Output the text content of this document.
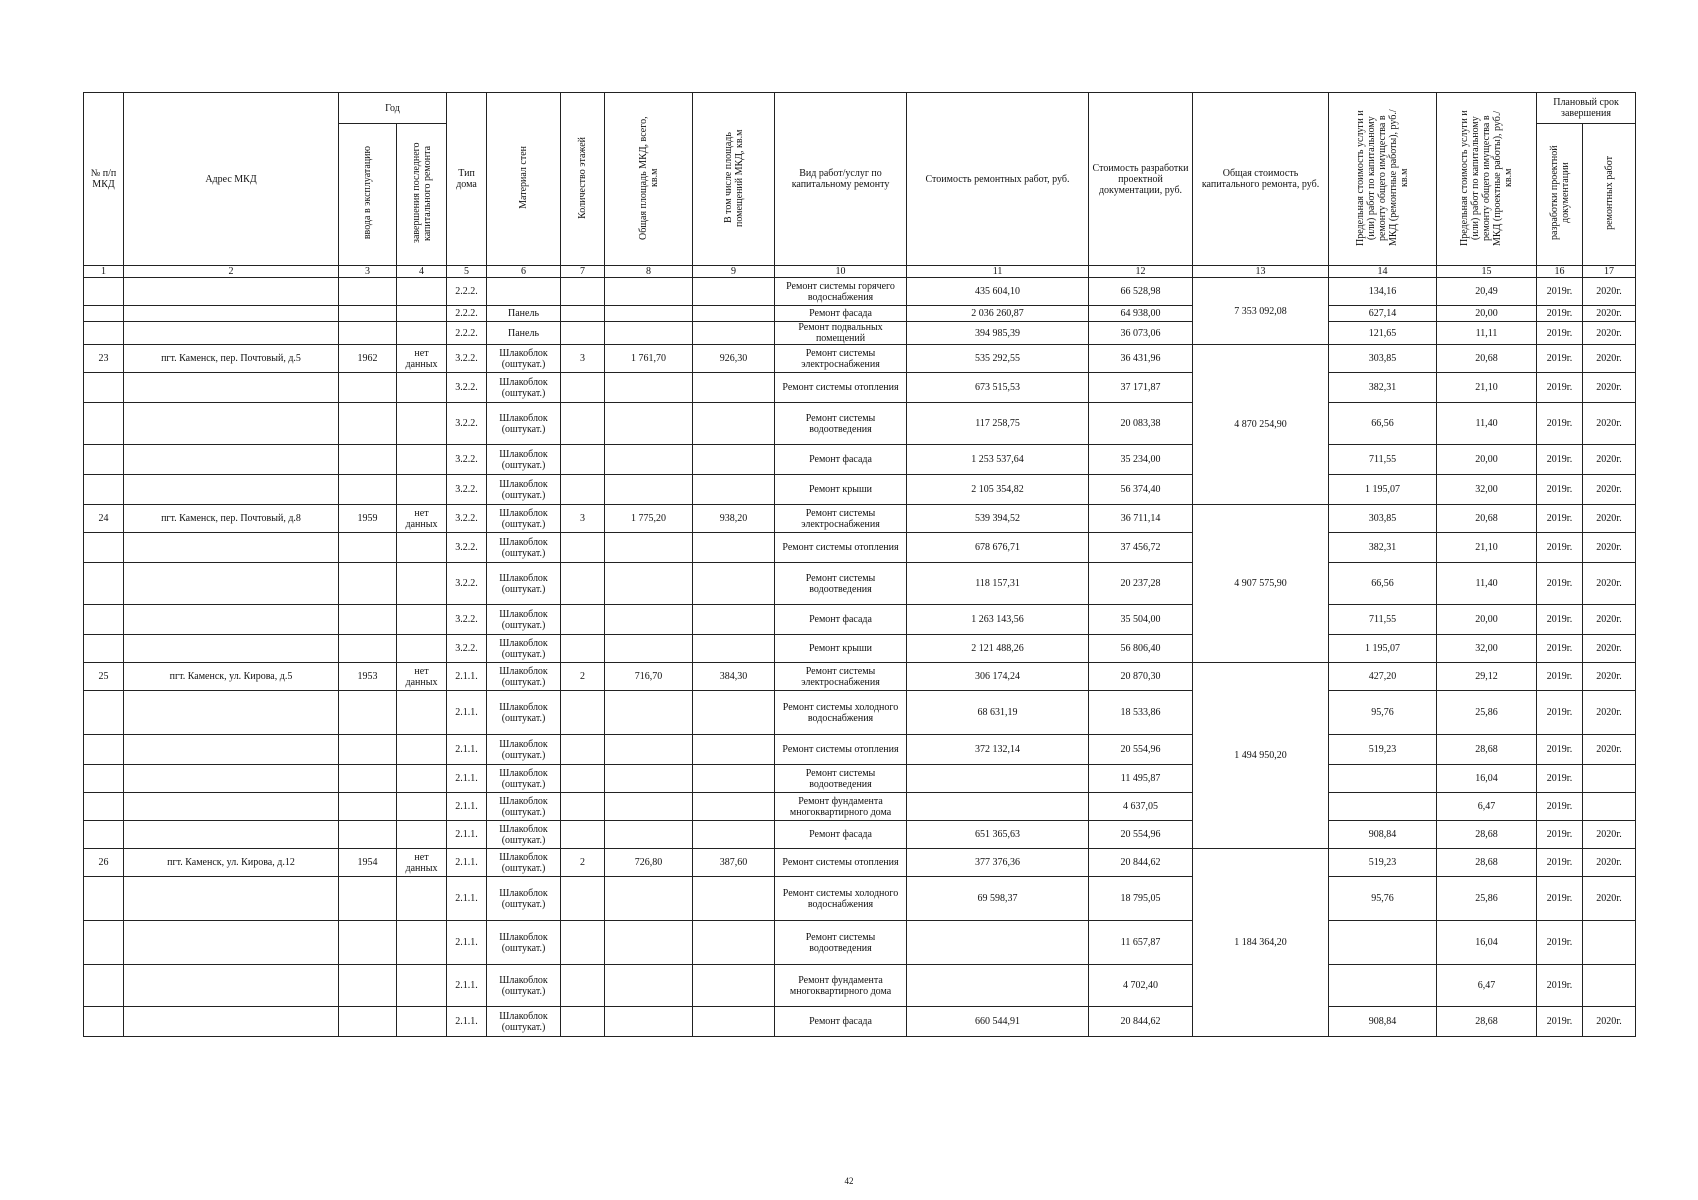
№ п/п МКД	Адрес МКД	Год		Тип дома	Материал стен	Количество этажей	Общая площадь МКД, всего, кв.м	В том числе площадь помещений МКД, кв.м	Вид работ/услуг по капитальному ремонту	Стоимость ремонтных работ, руб.	Стоимость разработки проектной документации, руб.	Общая стоимость капитального ремонта, руб.	Предельная стоимость услуги и (или) работ по капитальному ремонту общего имущества в МКД (ремонтные работы), руб./кв.м	Предельная стоимость услуги и (или) работ по капитальному ремонту общего имущества в МКД (проектные работы), руб./кв.м	Плановый срок завершения	
		ввода в эксплуатацию	завершения последнего капитального ремонта												разработки проектной документации	ремонтных работ
1	2	3	4	5	6	7	8	9	10	11	12	13	14	15	16	17
				2.2.2.					Ремонт системы горячего водоснабжения	435 604,10	66 528,98	7 353 092,08	134,16	20,49	2019г.	2020г.
				2.2.2.	Панель				Ремонт фасада	2 036 260,87	64 938,00		627,14	20,00	2019г.	2020г.
				2.2.2.	Панель				Ремонт подвальных помещений	394 985,39	36 073,06		121,65	11,11	2019г.	2020г.
23	пгт. Каменск, пер. Почтовый, д.5	1962	нет данных	3.2.2.	Шлакоблок (оштукат.)	3	1 761,70	926,30	Ремонт системы электроснабжения	535 292,55	36 431,96	4 870 254,90	303,85	20,68	2019г.	2020г.
				3.2.2.	Шлакоблок (оштукат.)				Ремонт системы отопления	673 515,53	37 171,87		382,31	21,10	2019г.	2020г.
				3.2.2.	Шлакоблок (оштукат.)				Ремонт системы водоотведения	117 258,75	20 083,38		66,56	11,40	2019г.	2020г.
				3.2.2.	Шлакоблок (оштукат.)				Ремонт фасада	1 253 537,64	35 234,00		711,55	20,00	2019г.	2020г.
				3.2.2.	Шлакоблок (оштукат.)				Ремонт крыши	2 105 354,82	56 374,40		1 195,07	32,00	2019г.	2020г.
24	пгт. Каменск, пер. Почтовый, д.8	1959	нет данных	3.2.2.	Шлакоблок (оштукат.)	3	1 775,20	938,20	Ремонт системы электроснабжения	539 394,52	36 711,14	4 907 575,90	303,85	20,68	2019г.	2020г.
				3.2.2.	Шлакоблок (оштукат.)				Ремонт системы отопления	678 676,71	37 456,72		382,31	21,10	2019г.	2020г.
				3.2.2.	Шлакоблок (оштукат.)				Ремонт системы водоотведения	118 157,31	20 237,28		66,56	11,40	2019г.	2020г.
				3.2.2.	Шлакоблок (оштукат.)				Ремонт фасада	1 263 143,56	35 504,00		711,55	20,00	2019г.	2020г.
				3.2.2.	Шлакоблок (оштукат.)				Ремонт крыши	2 121 488,26	56 806,40		1 195,07	32,00	2019г.	2020г.
25	пгт. Каменск, ул. Кирова, д.5	1953	нет данных	2.1.1.	Шлакоблок (оштукат.)	2	716,70	384,30	Ремонт системы электроснабжения	306 174,24	20 870,30	1 494 950,20	427,20	29,12	2019г.	2020г.
				2.1.1.	Шлакоблок (оштукат.)				Ремонт системы холодного водоснабжения	68 631,19	18 533,86		95,76	25,86	2019г.	2020г.
				2.1.1.	Шлакоблок (оштукат.)				Ремонт системы отопления	372 132,14	20 554,96		519,23	28,68	2019г.	2020г.
				2.1.1.	Шлакоблок (оштукат.)				Ремонт системы водоотведения		11 495,87			16,04	2019г.	
				2.1.1.	Шлакоблок (оштукат.)				Ремонт фундамента многоквартирного дома		4 637,05			6,47	2019г.	
				2.1.1.	Шлакоблок (оштукат.)				Ремонт фасада	651 365,63	20 554,96		908,84	28,68	2019г.	2020г.
26	пгт. Каменск, ул. Кирова, д.12	1954	нет данных	2.1.1.	Шлакоблок (оштукат.)	2	726,80	387,60	Ремонт системы отопления	377 376,36	20 844,62	1 184 364,20	519,23	28,68	2019г.	2020г.
				2.1.1.	Шлакоблок (оштукат.)				Ремонт системы холодного водоснабжения	69 598,37	18 795,05		95,76	25,86	2019г.	2020г.
				2.1.1.	Шлакоблок (оштукат.)				Ремонт системы водоотведения		11 657,87			16,04	2019г.	
				2.1.1.	Шлакоблок (оштукат.)				Ремонт фундамента многоквартирного дома		4 702,40			6,47	2019г.	
				2.1.1.	Шлакоблок (оштукат.)				Ремонт фасада	660 544,91	20 844,62		908,84	28,68	2019г.	2020г.
42
